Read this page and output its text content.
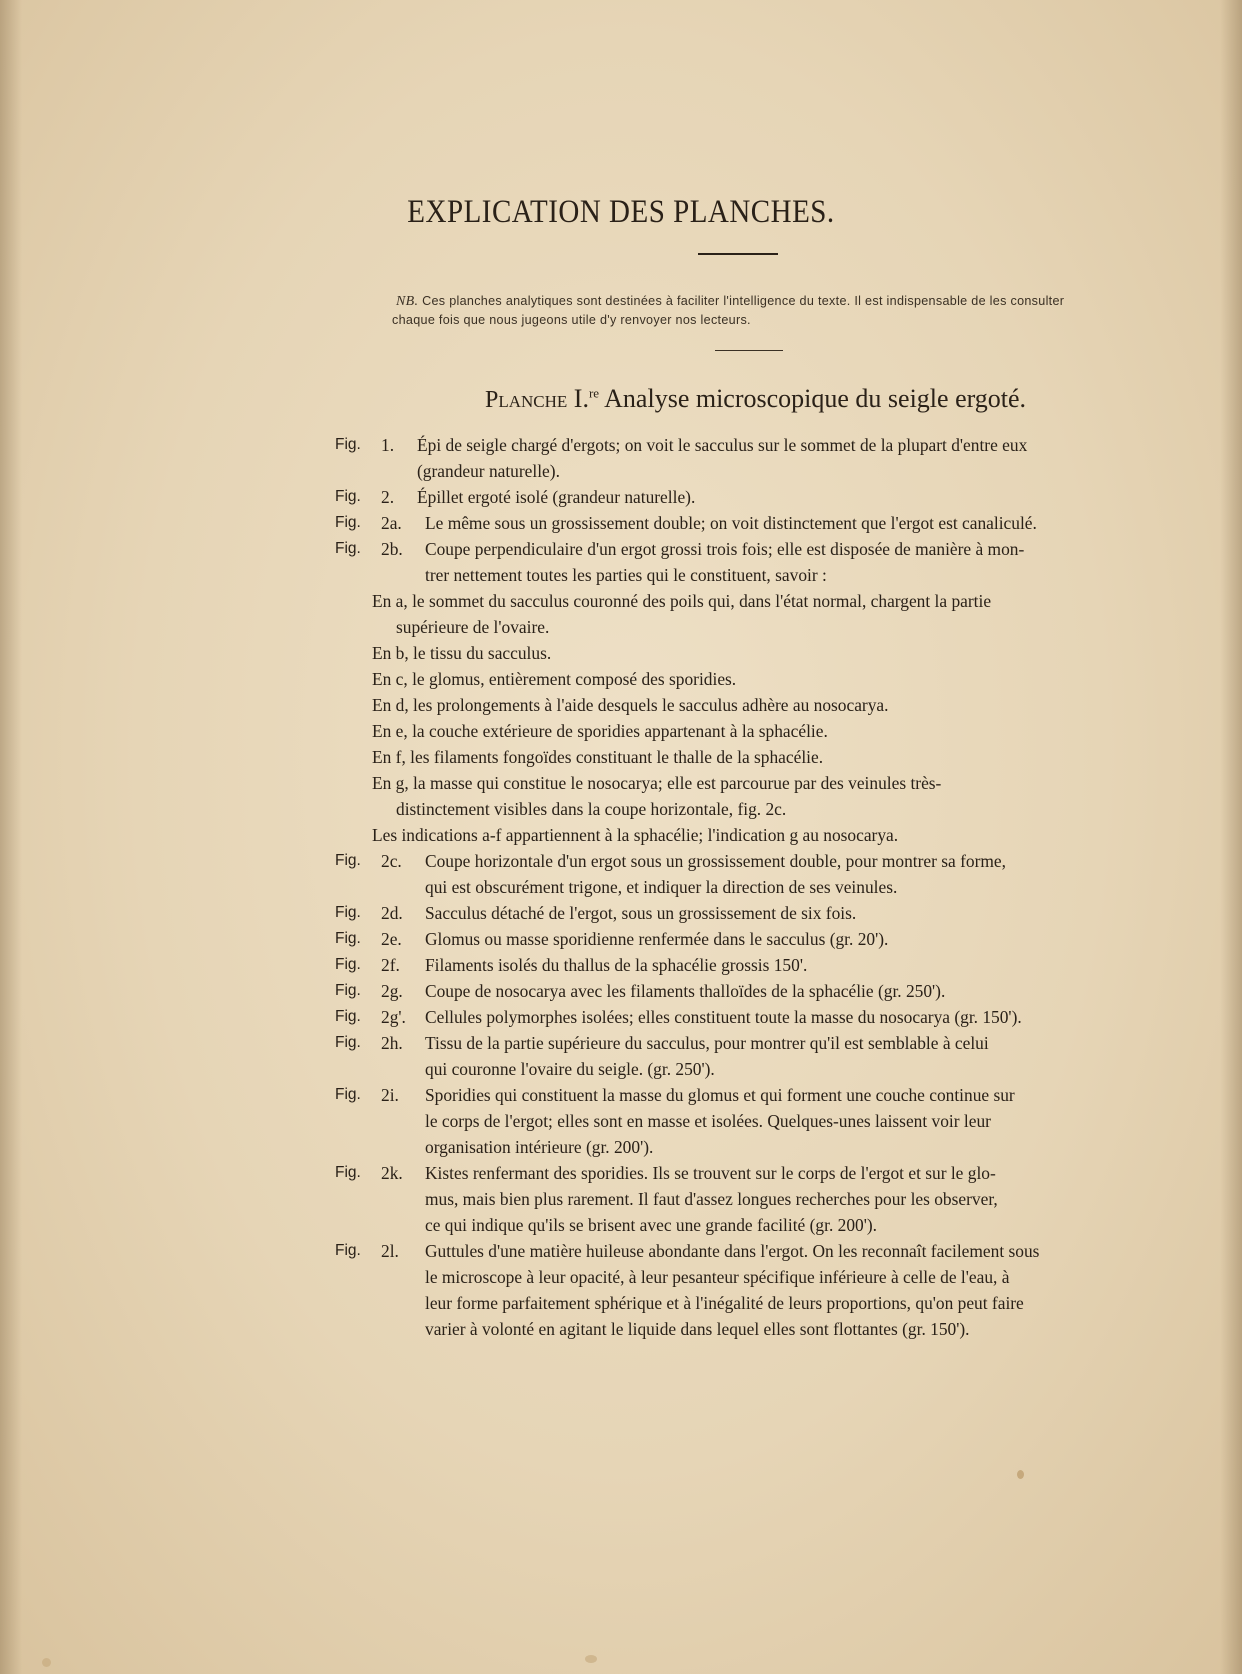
EXPLICATION DES PLANCHES.
NB. Ces planches analytiques sont destinées à faciliter l'intelligence du texte. Il est indispensable de les consulter
chaque fois que nous jugeons utile d'y renvoyer nos lecteurs.
Planche I.$^{re}$ Analyse microscopique du seigle ergoté.
Fig.	1. Épi de seigle chargé d'ergots; on voit le sacculus sur le sommet de la plupart d'entre eux
(grandeur naturelle).
Fig.	2. Épillet ergoté isolé (grandeur naturelle).
Fig.	2a. Le même sous un grossissement double; on voit distinctement que l'ergot est canaliculé.
Fig.	2b. Coupe perpendiculaire d'un ergot grossi trois fois; elle est disposée de manière à mon-
trer nettement toutes les parties qui le constituent, savoir :
En a, le sommet du sacculus couronné des poils qui, dans l'état normal, chargent la partie
supérieure de l'ovaire.
En b, le tissu du sacculus.
En c, le glomus, entièrement composé des sporidies.
En d, les prolongements à l'aide desquels le sacculus adhère au nosocarya.
En e, la couche extérieure de sporidies appartenant à la sphacélie.
En f, les filaments fongoïdes constituant le thalle de la sphacélie.
En g, la masse qui constitue le nosocarya; elle est parcourue par des veinules très-
distinctement visibles dans la coupe horizontale, fig. 2c.
Les indications a-f appartiennent à la sphacélie; l'indication g au nosocarya.
Fig.	2c. Coupe horizontale d'un ergot sous un grossissement double, pour montrer sa forme,
qui est obscurément trigone, et indiquer la direction de ses veinules.
Fig.	2d. Sacculus détaché de l'ergot, sous un grossissement de six fois.
Fig.	2e. Glomus ou masse sporidienne renfermée dans le sacculus (gr. 20').
Fig.	2f. Filaments isolés du thallus de la sphacélie grossis 150'.
Fig.	2g. Coupe de nosocarya avec les filaments thalloïdes de la sphacélie (gr. 250').
Fig.	2g'. Cellules polymorphes isolées; elles constituent toute la masse du nosocarya (gr. 150').
Fig.	2h. Tissu de la partie supérieure du sacculus, pour montrer qu'il est semblable à celui
qui couronne l'ovaire du seigle. (gr. 250').
Fig.	2i. Sporidies qui constituent la masse du glomus et qui forment une couche continue sur
le corps de l'ergot; elles sont en masse et isolées. Quelques-unes laissent voir leur
organisation intérieure (gr. 200').
Fig.	2k. Kistes renfermant des sporidies. Ils se trouvent sur le corps de l'ergot et sur le glo-
mus, mais bien plus rarement. Il faut d'assez longues recherches pour les observer,
ce qui indique qu'ils se brisent avec une grande facilité (gr. 200').
Fig.	2l. Guttules d'une matière huileuse abondante dans l'ergot. On les reconnaît facilement sous
le microscope à leur opacité, à leur pesanteur spécifique inférieure à celle de l'eau, à
leur forme parfaitement sphérique et à l'inégalité de leurs proportions, qu'on peut faire
varier à volonté en agitant le liquide dans lequel elles sont flottantes (gr. 150').
